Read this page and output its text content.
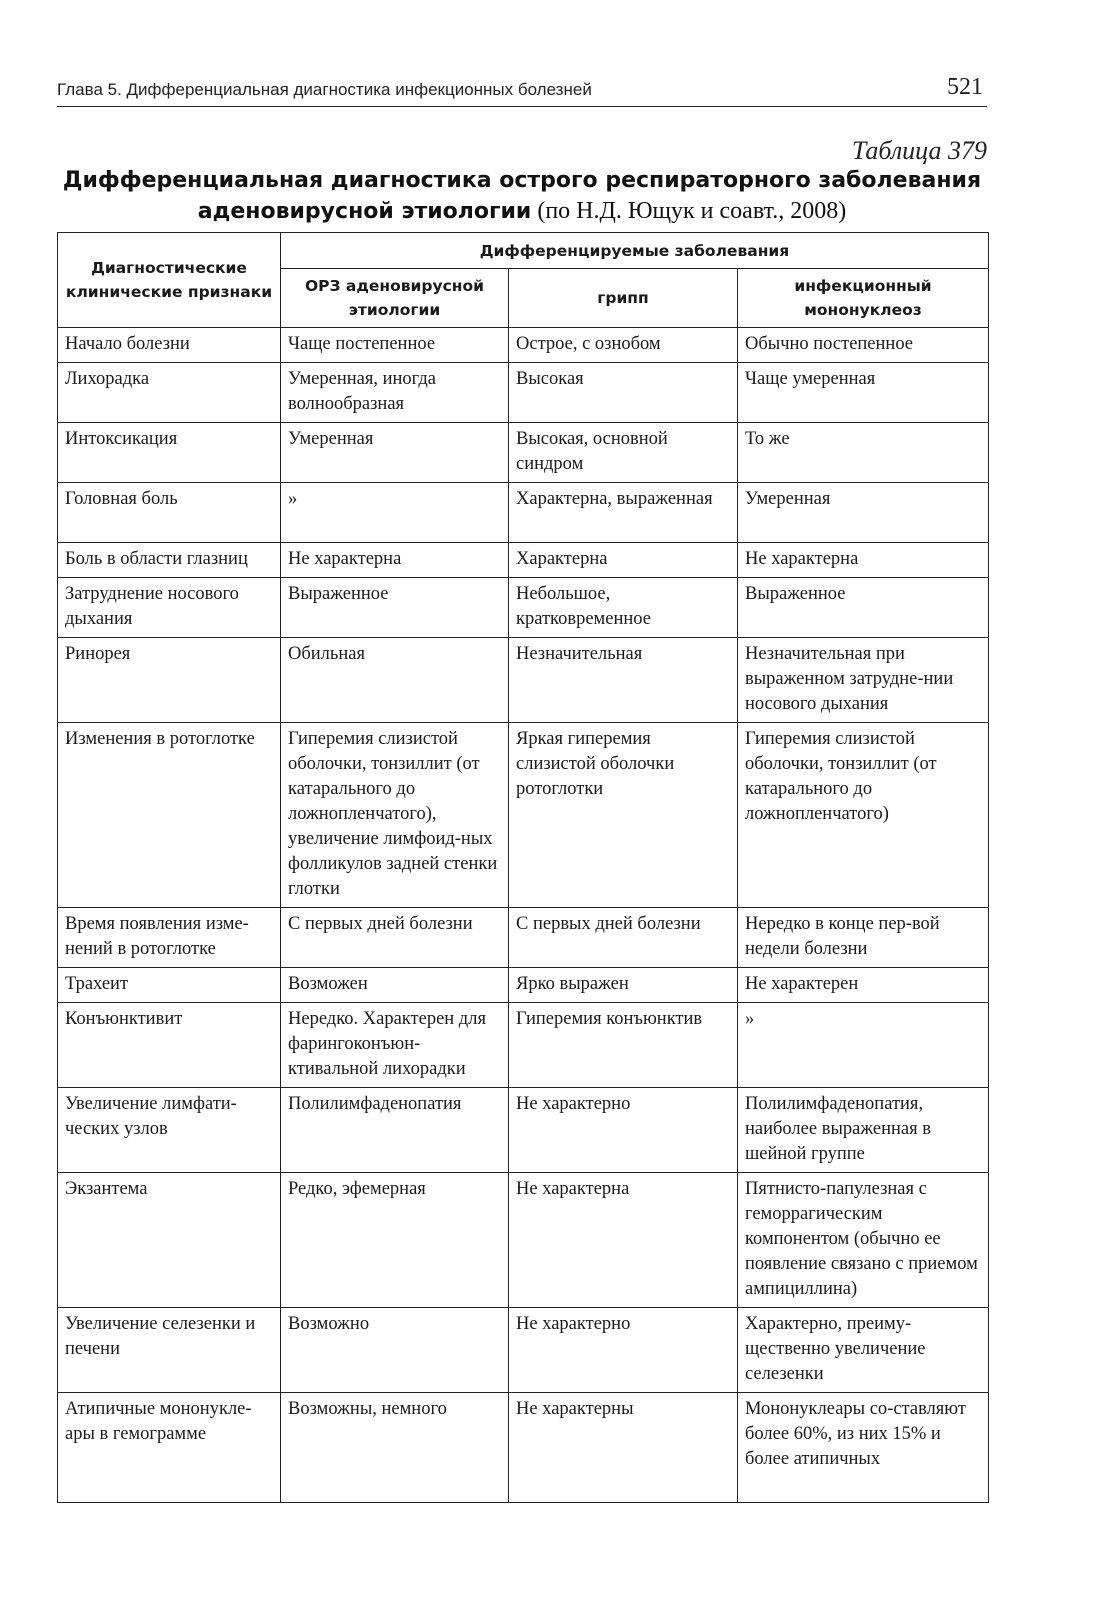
Глава 5. Дифференциальная диагностика инфекционных болезней	521
Таблица 379
Дифференциальная диагностика острого респираторного заболевания
аденовирусной этиологии (по Н.Д. Ющук и соавт., 2008)
Диагностические клинические признаки	Дифференцируемые заболевания		
	ОРЗ аденовирусной этиологии	грипп	инфекционный мононуклеоз
Начало болезни	Чаще постепенное	Острое, с ознобом	Обычно постепенное
Лихорадка	Умеренная, иногда волнообразная	Высокая	Чаще умеренная
Интоксикация	Умеренная	Высокая, основной синдром	То же
Головная боль	»	Характерна, выраженная	Умеренная
Боль в области глазниц	Не характерна	Характерна	Не характерна
Затруднение носового дыхания	Выраженное	Небольшое, кратковременное	Выраженное
Ринорея	Обильная	Незначительная	Незначительная при выраженном затрудне-нии носового дыхания
Изменения в ротоглотке	Гиперемия слизистой оболочки, тонзиллит (от катарального до ложнопленчатого), увеличение лимфоид-ных фолликулов задней стенки глотки	Яркая гиперемия слизистой оболочки ротоглотки	Гиперемия слизистой оболочки, тонзиллит (от катарального до ложнопленчатого)
Время появления изме-нений в ротоглотке	С первых дней болезни	С первых дней болезни	Нередко в конце пер-вой недели болезни
Трахеит	Возможен	Ярко выражен	Не характерен
Конъюнктивит	Нередко. Характерен для фарингоконъюн-ктивальной лихорадки	Гиперемия конъюнктив	»
Увеличение лимфати-ческих узлов	Полилимфаденопатия	Не характерно	Полилимфаденопатия, наиболее выраженная в шейной группе
Экзантема	Редко, эфемерная	Не характерна	Пятнисто-папулезная с геморрагическим компонентом (обычно ее появление связано с приемом ампициллина)
Увеличение селезенки и печени	Возможно	Не характерно	Характерно, преиму-щественно увеличение селезенки
Атипичные мононукле-ары в гемограмме	Возможны, немного	Не характерны	Мононуклеары со-ставляют более 60%, из них 15% и более атипичных
